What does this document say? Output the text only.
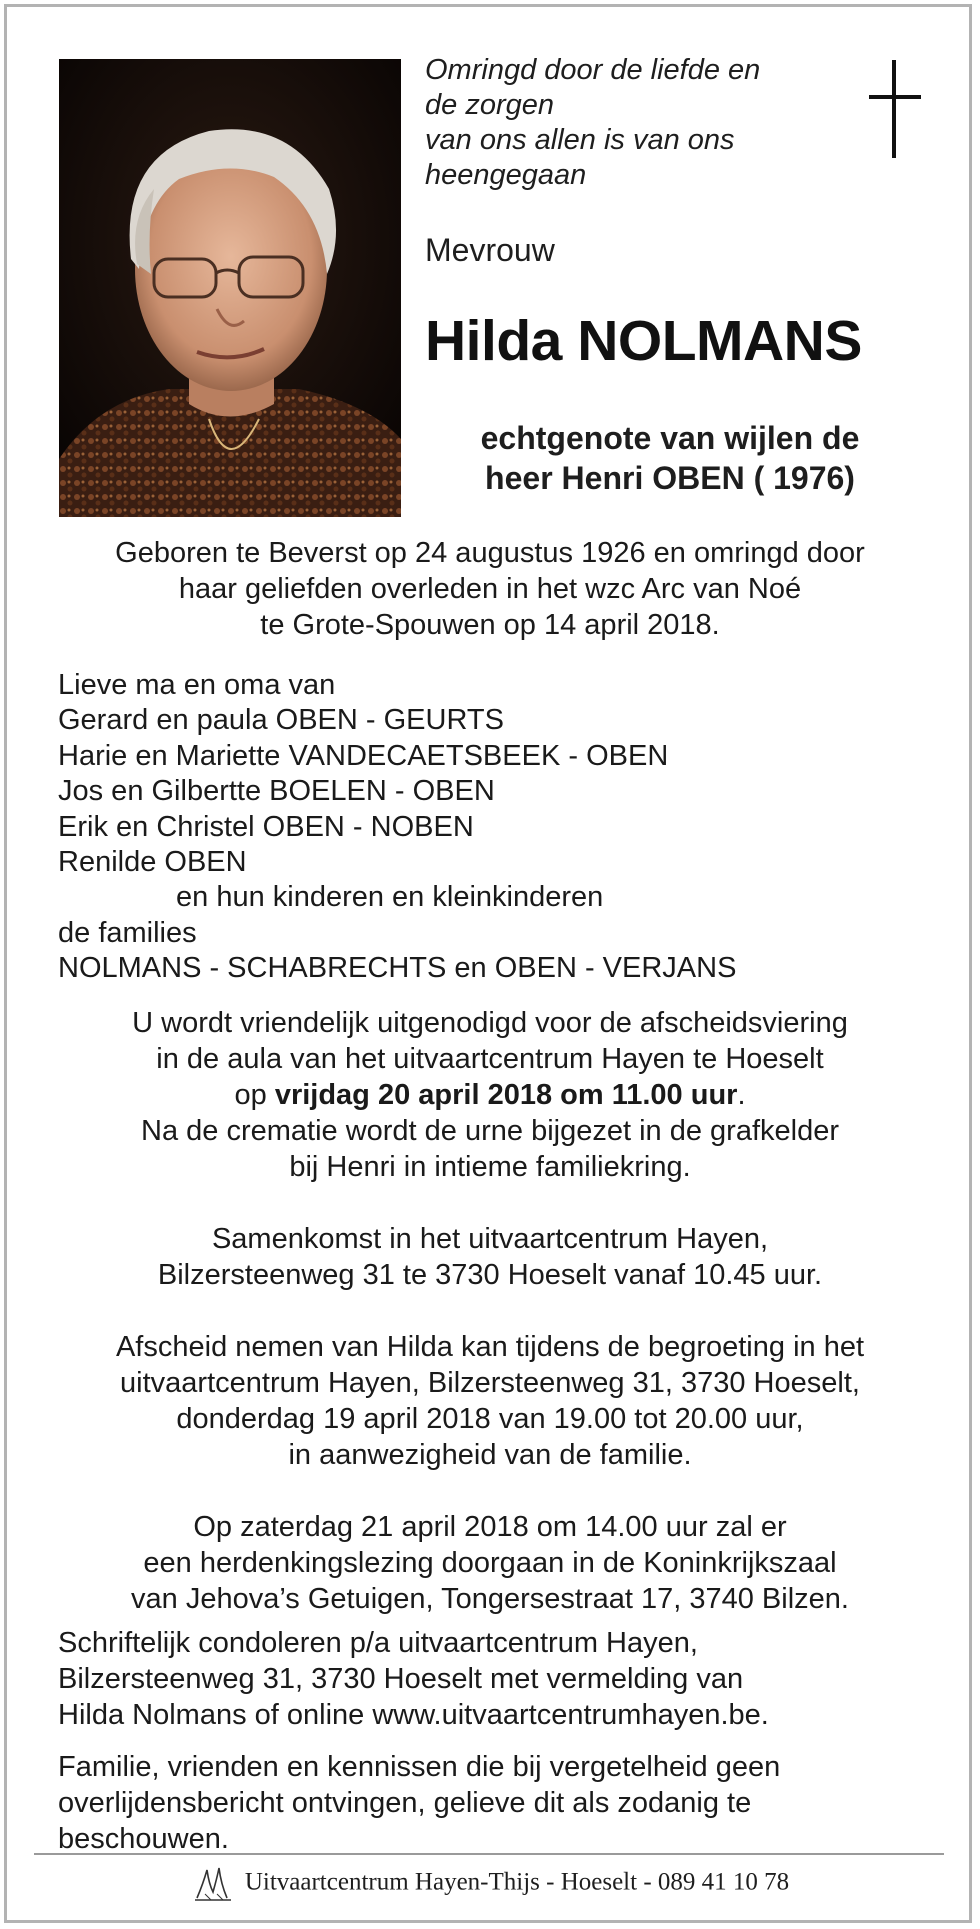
Omringd door de liefde en
de zorgen
van ons allen is van ons
heengegaan
Mevrouw
Hilda NOLMANS
echtgenote van wijlen de
heer Henri OBEN ( 1976)
Geboren te Beverst op 24 augustus 1926 en omringd door
haar geliefden overleden in het wzc Arc van Noé
te Grote-Spouwen op 14 april 2018.
Lieve ma en oma van
Gerard en paula OBEN - GEURTS
Harie en Mariette VANDECAETSBEEK - OBEN
Jos en Gilbertte BOELEN - OBEN
Erik en Christel OBEN - NOBEN
Renilde OBEN
en hun kinderen en kleinkinderen
de families
NOLMANS - SCHABRECHTS en OBEN - VERJANS
U wordt vriendelijk uitgenodigd voor de afscheidsviering
in de aula van het uitvaartcentrum Hayen te Hoeselt
op vrijdag 20 april 2018 om 11.00 uur.
Na de crematie wordt de urne bijgezet in de grafkelder
bij Henri in intieme familiekring.
Samenkomst in het uitvaartcentrum Hayen,
Bilzersteenweg 31 te 3730 Hoeselt vanaf 10.45 uur.
Afscheid nemen van Hilda kan tijdens de begroeting in het
uitvaartcentrum Hayen, Bilzersteenweg 31, 3730 Hoeselt,
donderdag 19 april 2018 van 19.00 tot 20.00 uur,
in aanwezigheid van de familie.
Op zaterdag 21 april 2018 om 14.00 uur zal er
een herdenkingslezing doorgaan in de Koninkrijkszaal
van Jehova’s Getuigen, Tongersestraat 17, 3740 Bilzen.
Schriftelijk condoleren p/a uitvaartcentrum Hayen,
Bilzersteenweg 31, 3730 Hoeselt met vermelding van
Hilda Nolmans of online www.uitvaartcentrumhayen.be.
Familie, vrienden en kennissen die bij vergetelheid geen
overlijdensbericht ontvingen, gelieve dit als zodanig te
beschouwen.
Uitvaartcentrum Hayen-Thijs - Hoeselt - 089 41 10 78
